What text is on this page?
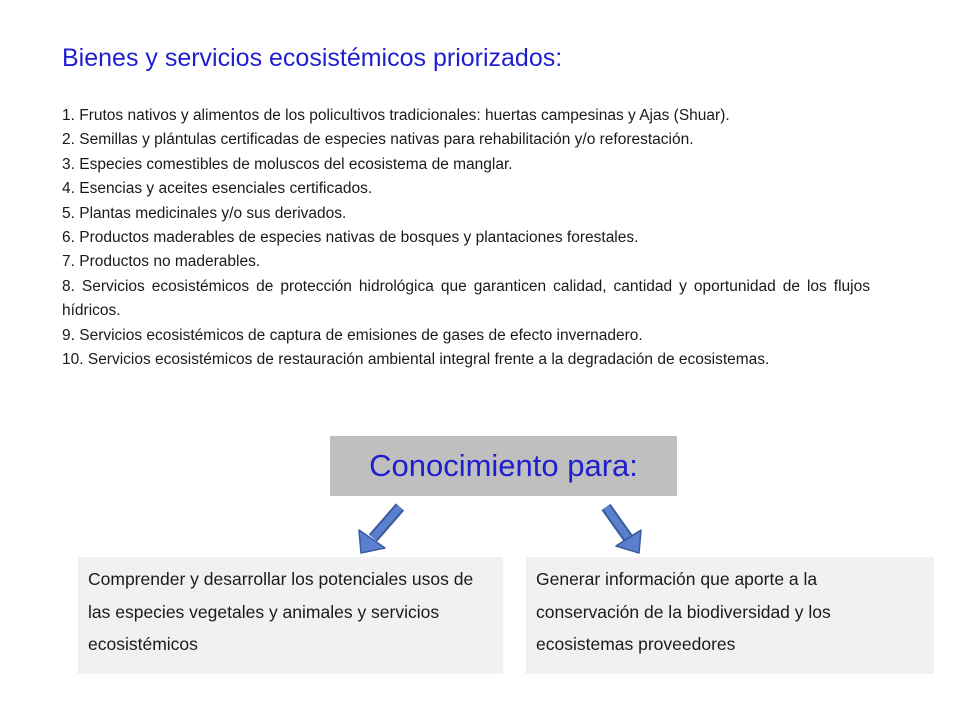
Bienes y servicios ecosistémicos priorizados:
1. Frutos nativos y alimentos de los policultivos tradicionales: huertas campesinas y Ajas (Shuar).
2. Semillas y plántulas certificadas de especies nativas para rehabilitación y/o reforestación.
3. Especies comestibles de moluscos del ecosistema de manglar.
4. Esencias y aceites esenciales certificados.
5. Plantas medicinales y/o sus derivados.
6. Productos maderables de especies nativas de bosques y plantaciones forestales.
7. Productos no maderables.
8. Servicios ecosistémicos de protección hidrológica que garanticen calidad, cantidad y oportunidad de los flujos hídricos.
9. Servicios ecosistémicos de captura de emisiones de gases de efecto invernadero.
10. Servicios ecosistémicos de restauración ambiental integral frente a la degradación de ecosistemas.
Conocimiento para:
Comprender y desarrollar los potenciales usos de las especies vegetales y animales y servicios ecosistémicos
Generar información que aporte a la conservación de la biodiversidad y los ecosistemas proveedores
